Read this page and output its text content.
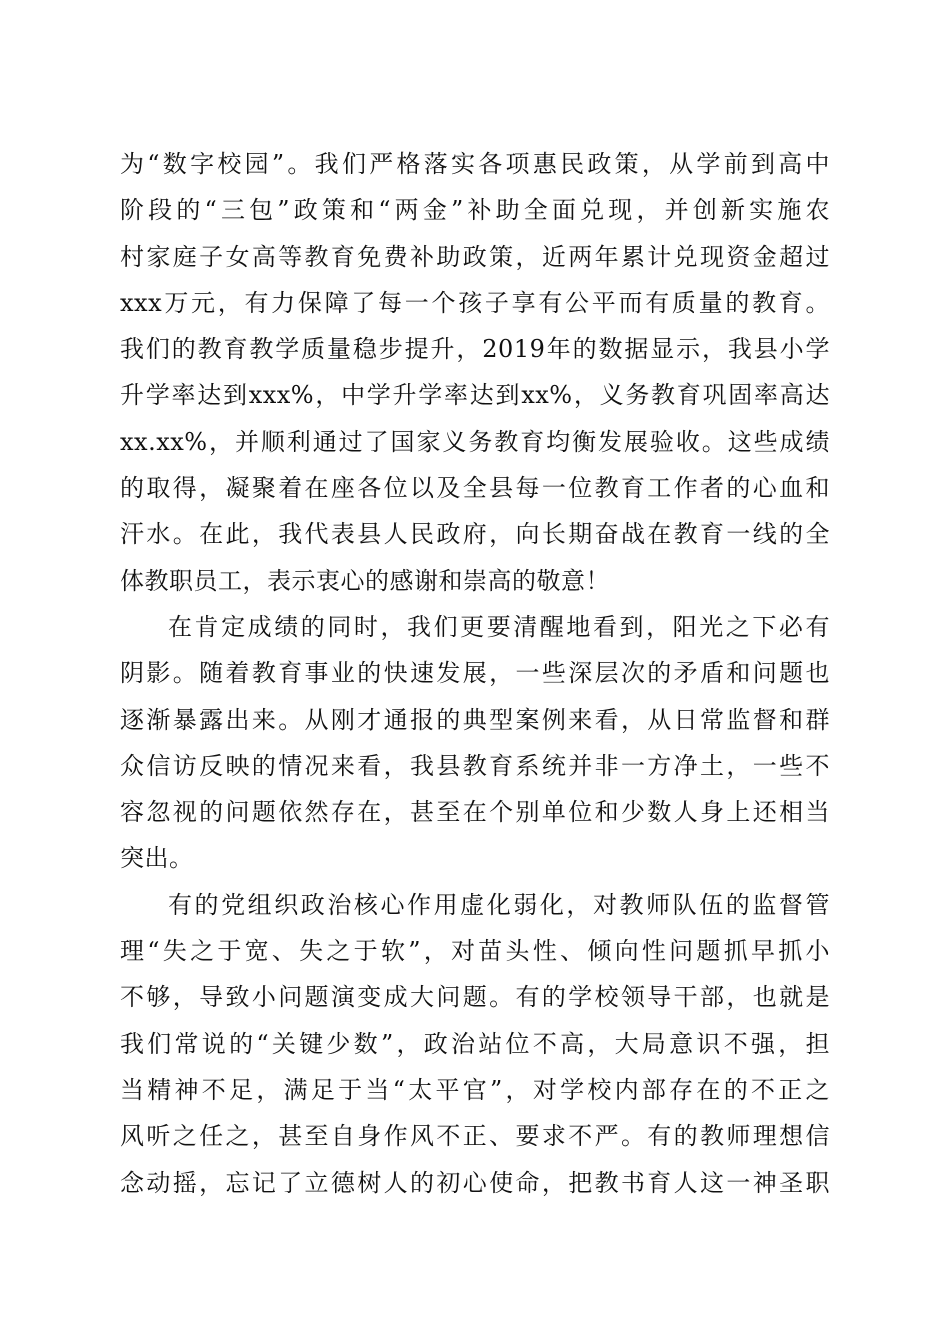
为“数字校园”。我们严格落实各项惠民政策，从学前到高中
阶段的“三包”政策和“两金”补助全面兑现，并创新实施农
村家庭子女高等教育免费补助政策，近两年累计兑现资金超过
xxx万元，有力保障了每一个孩子享有公平而有质量的教育。
我们的教育教学质量稳步提升，2019年的数据显示，我县小学
升学率达到xxx%，中学升学率达到xx%，义务教育巩固率高达
xx.xx%，并顺利通过了国家义务教育均衡发展验收。这些成绩
的取得，凝聚着在座各位以及全县每一位教育工作者的心血和
汗水。在此，我代表县人民政府，向长期奋战在教育一线的全
体教职员工，表示衷心的感谢和崇高的敬意！
在肯定成绩的同时，我们更要清醒地看到，阳光之下必有
阴影。随着教育事业的快速发展，一些深层次的矛盾和问题也
逐渐暴露出来。从刚才通报的典型案例来看，从日常监督和群
众信访反映的情况来看，我县教育系统并非一方净土，一些不
容忽视的问题依然存在，甚至在个别单位和少数人身上还相当
突出。
有的党组织政治核心作用虚化弱化，对教师队伍的监督管
理“失之于宽、失之于软”，对苗头性、倾向性问题抓早抓小
不够，导致小问题演变成大问题。有的学校领导干部，也就是
我们常说的“关键少数”，政治站位不高，大局意识不强，担
当精神不足，满足于当“太平官”，对学校内部存在的不正之
风听之任之，甚至自身作风不正、要求不严。有的教师理想信
念动摇，忘记了立德树人的初心使命，把教书育人这一神圣职
